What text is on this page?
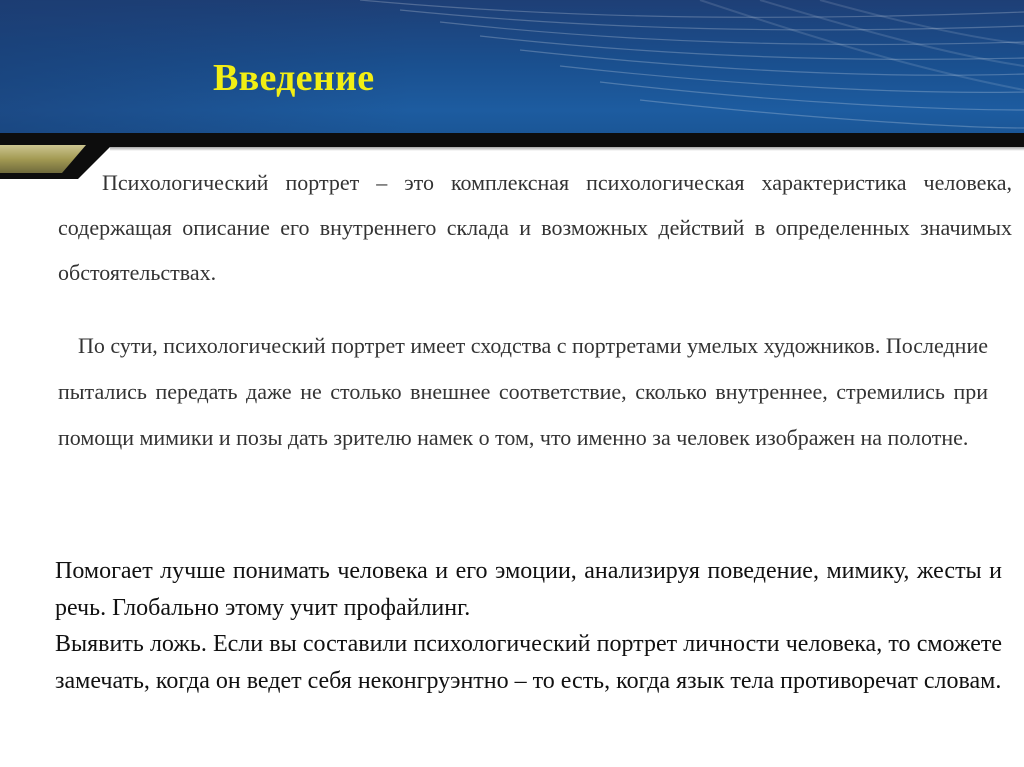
Введение

Психологический портрет – это комплексная психологическая характеристика человека, содержащая описание его внутреннего склада и возможных действий в определенных значимых обстоятельствах.

По сути, психологический портрет имеет сходства с портретами умелых художников. Последние пытались передать даже не столько внешнее соответствие, сколько внутреннее, стремились при помощи мимики и позы дать зрителю намек о том, что именно за человек изображен на полотне.

Помогает лучше понимать человека и его эмоции, анализируя поведение, мимику, жесты и речь. Глобально этому учит профайлинг.
Выявить ложь. Если вы составили психологический портрет личности человека, то сможете замечать, когда он ведет себя неконгруэнтно – то есть, когда язык тела противоречат словам.
